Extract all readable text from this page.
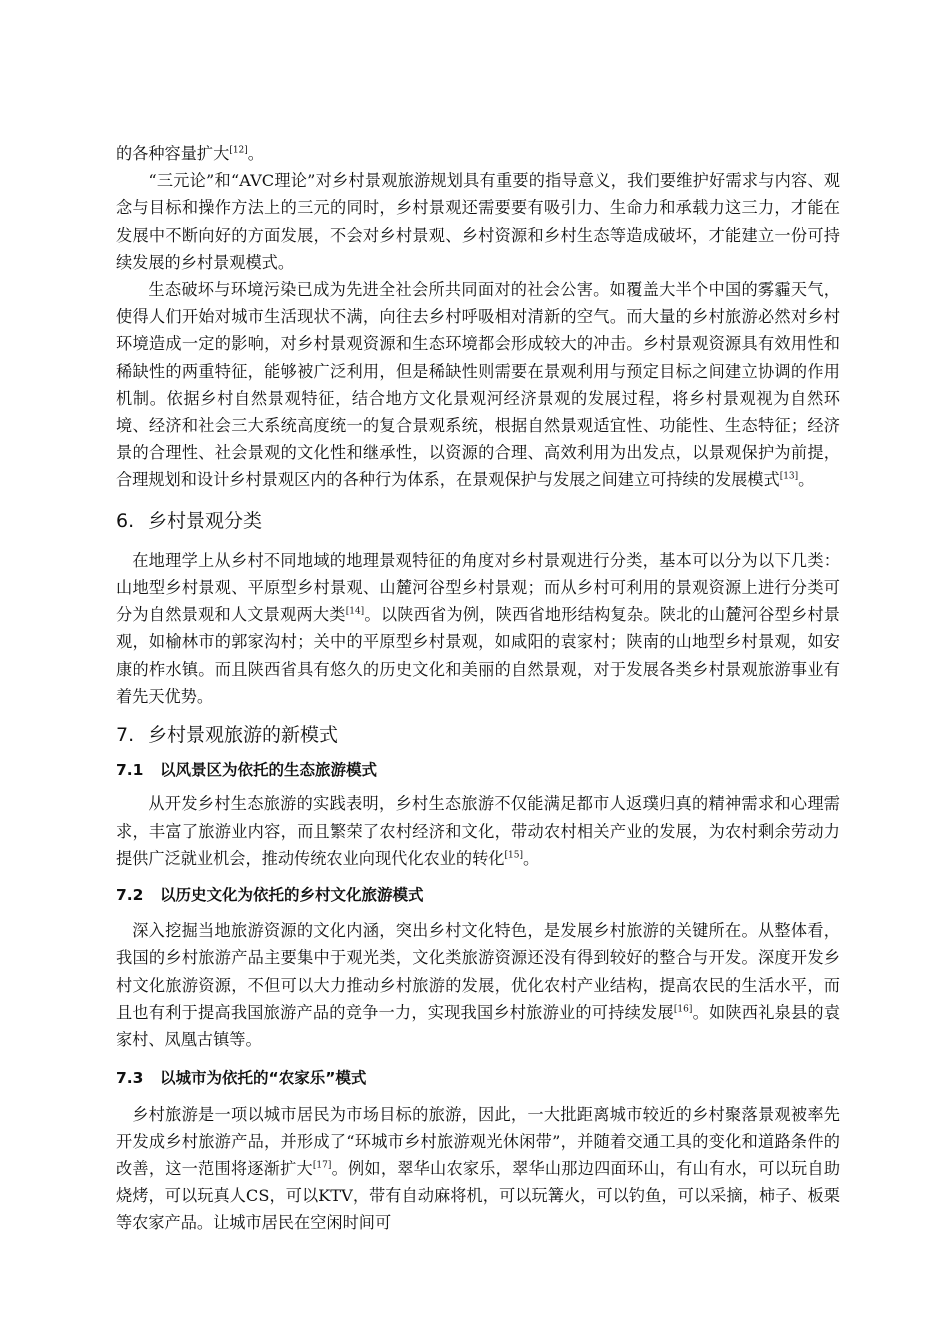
的各种容量扩大[12]。

“三元论”和“AVC理论”对乡村景观旅游规划具有重要的指导意义，我们要维护好需求与内容、观念与目标和操作方法上的三元的同时，乡村景观还需要要有吸引力、生命力和承载力这三力，才能在发展中不断向好的方面发展，不会对乡村景观、乡村资源和乡村生态等造成破坏，才能建立一份可持续发展的乡村景观模式。

生态破坏与环境污染已成为先进全社会所共同面对的社会公害。如覆盖大半个中国的雾霾天气，使得人们开始对城市生活现状不满，向往去乡村呼吸相对清新的空气。而大量的乡村旅游必然对乡村环境造成一定的影响，对乡村景观资源和生态环境都会形成较大的冲击。乡村景观资源具有效用性和稀缺性的两重特征，能够被广泛利用，但是稀缺性则需要在景观利用与预定目标之间建立协调的作用机制。依据乡村自然景观特征，结合地方文化景观河经济景观的发展过程，将乡村景观视为自然环境、经济和社会三大系统高度统一的复合景观系统，根据自然景观适宜性、功能性、生态特征；经济景的合理性、社会景观的文化性和继承性，以资源的合理、高效利用为出发点，以景观保护为前提，合理规划和设计乡村景观区内的各种行为体系，在景观保护与发展之间建立可持续的发展模式[13]。

6. 乡村景观分类

在地理学上从乡村不同地域的地理景观特征的角度对乡村景观进行分类，基本可以分为以下几类：山地型乡村景观、平原型乡村景观、山麓河谷型乡村景观；而从乡村可利用的景观资源上进行分类可分为自然景观和人文景观两大类[14]。以陕西省为例，陕西省地形结构复杂。陕北的山麓河谷型乡村景观，如榆林市的郭家沟村；关中的平原型乡村景观，如咸阳的袁家村；陕南的山地型乡村景观，如安康的柞水镇。而且陕西省具有悠久的历史文化和美丽的自然景观，对于发展各类乡村景观旅游事业有着先天优势。

7. 乡村景观旅游的新模式
7.1 以风景区为依托的生态旅游模式

从开发乡村生态旅游的实践表明，乡村生态旅游不仅能满足都市人返璞归真的精神需求和心理需求，丰富了旅游业内容，而且繁荣了农村经济和文化，带动农村相关产业的发展，为农村剩余劳动力提供广泛就业机会，推动传统农业向现代化农业的转化[15]。

7.2 以历史文化为依托的乡村文化旅游模式

深入挖掘当地旅游资源的文化内涵，突出乡村文化特色，是发展乡村旅游的关键所在。从整体看，我国的乡村旅游产品主要集中于观光类，文化类旅游资源还没有得到较好的整合与开发。深度开发乡村文化旅游资源，不但可以大力推动乡村旅游的发展，优化农村产业结构，提高农民的生活水平，而且也有利于提高我国旅游产品的竞争一力，实现我国乡村旅游业的可持续发展[16]。如陕西礼泉县的袁家村、凤凰古镇等。

7.3 以城市为依托的“农家乐”模式

乡村旅游是一项以城市居民为市场目标的旅游，因此，一大批距离城市较近的乡村聚落景观被率先开发成乡村旅游产品，并形成了“环城市乡村旅游观光休闲带”，并随着交通工具的变化和道路条件的改善，这一范围将逐渐扩大[17]。例如，翠华山农家乐，翠华山那边四面环山，有山有水，可以玩自助烧烤，可以玩真人CS，可以KTV，带有自动麻将机，可以玩篝火，可以钓鱼，可以采摘，柿子、板栗等农家产品。让城市居民在空闲时间可
